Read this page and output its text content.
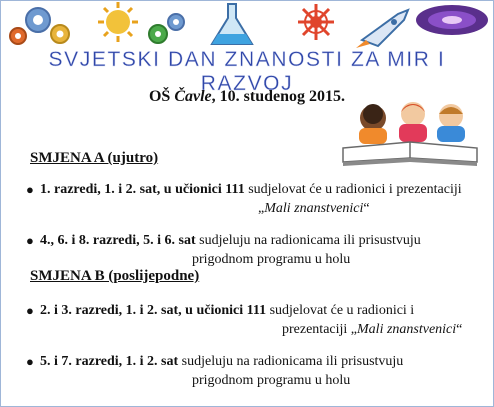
SVJETSKI DAN ZNANOSTI ZA MIR I RAZVOJ
OŠ Čavle, 10. studenog 2015.
SMJENA A (ujutro)
● 1. razredi, 1. i 2. sat, u učionici 111 sudjelovat će u radionici i prezentaciji
„Mali znanstvenici“
● 4., 6. i 8. razredi, 5. i 6. sat sudjeluju na radionicama ili prisustvuju
prigodnom programu u holu
SMJENA B (poslijepodne)
● 2. i 3. razredi, 1. i 2. sat, u učionici 111 sudjelovat će u radionici i
prezentaciji „Mali znanstvenici“
● 5. i 7. razredi, 1. i 2. sat sudjeluju na radionicama ili prisustvuju
prigodnom programu u holu
